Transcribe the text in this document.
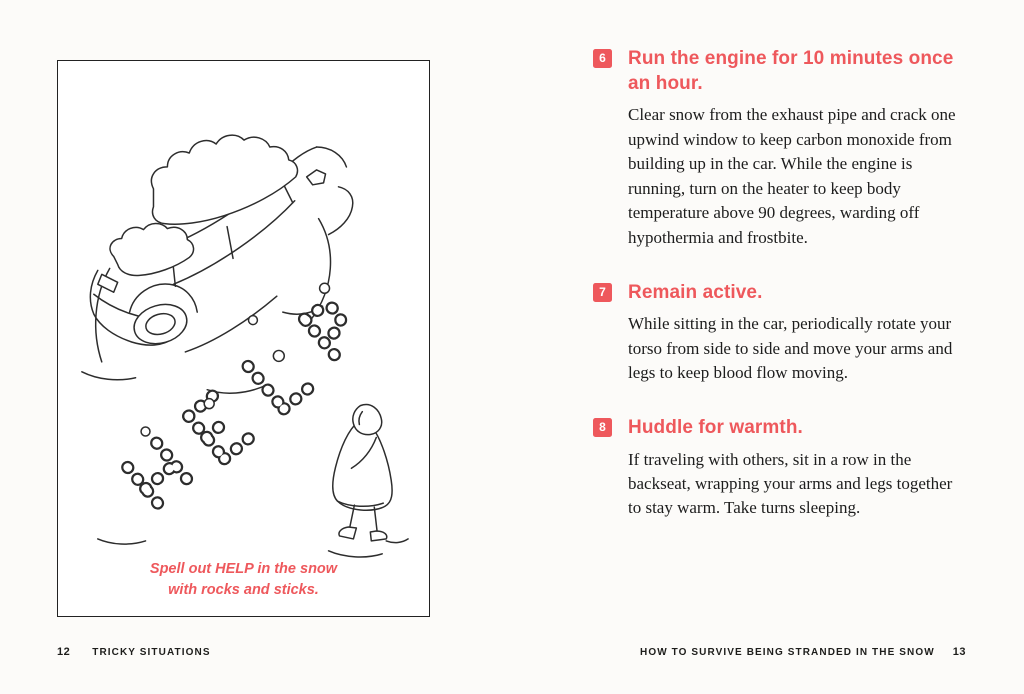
Spell out HELP in the snow
with rocks and sticks.
12 TRICKY SITUATIONS
6	Run the engine for 10 minutes once an hour.

Clear snow from the exhaust pipe and crack one upwind window to keep carbon monoxide from building up in the car. While the engine is running, turn on the heater to keep body temperature above 90 degrees, warding off hypothermia and frostbite.

7	Remain active.

While sitting in the car, periodically rotate your torso from side to side and move your arms and legs to keep blood flow moving.

8	Huddle for warmth.

If traveling with others, sit in a row in the backseat, wrapping your arms and legs together to stay warm. Take turns sleeping.

HOW TO SURVIVE BEING STRANDED IN THE SNOW 13
